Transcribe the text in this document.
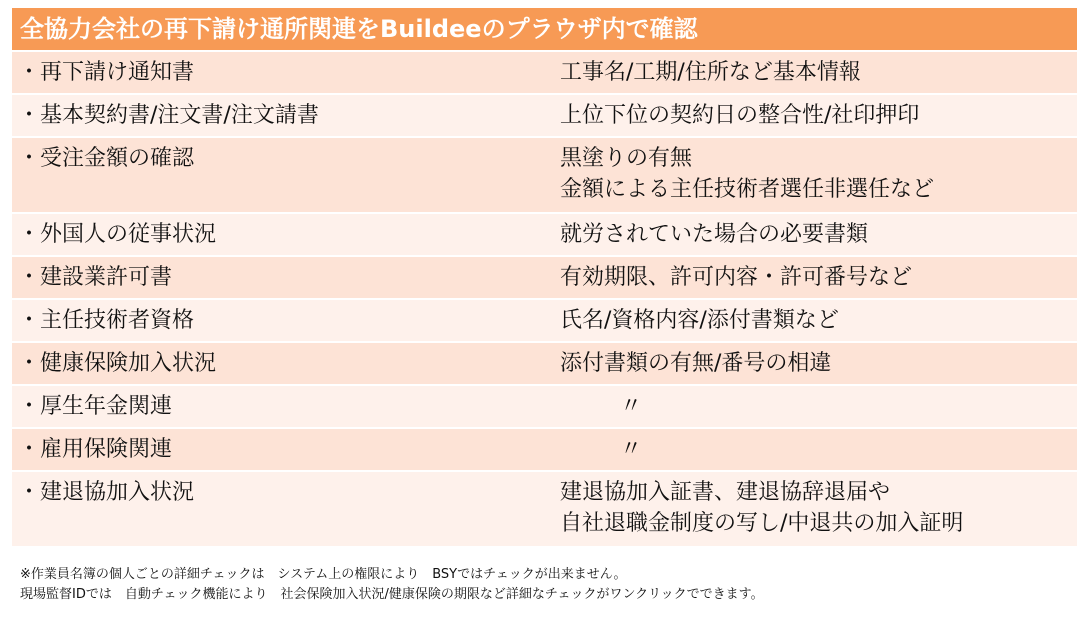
全協力会社の再下請け通所関連をBuildeeのプラウザ内で確認
・再下請け通知書	工事名/工期/住所など基本情報
・基本契約書/注文書/注文請書	上位下位の契約日の整合性/社印押印
・受注金額の確認	黒塗りの有無
金額による主任技術者選任非選任など
・外国人の従事状況	就労されていた場合の必要書類
・建設業許可書	有効期限、許可内容・許可番号など
・主任技術者資格	氏名/資格内容/添付書類など
・健康保険加入状況	添付書類の有無/番号の相違
・厚生年金関連	〃
・雇用保険関連	〃
・建退協加入状況	建退協加入証書、建退協辞退届や
自社退職金制度の写し/中退共の加入証明
※作業員名簿の個人ごとの詳細チェックは　システム上の権限により　BSYではチェックが出来ません。
現場監督IDでは　自動チェック機能により　社会保険加入状況/健康保険の期限など詳細なチェックがワンクリックでできます。
